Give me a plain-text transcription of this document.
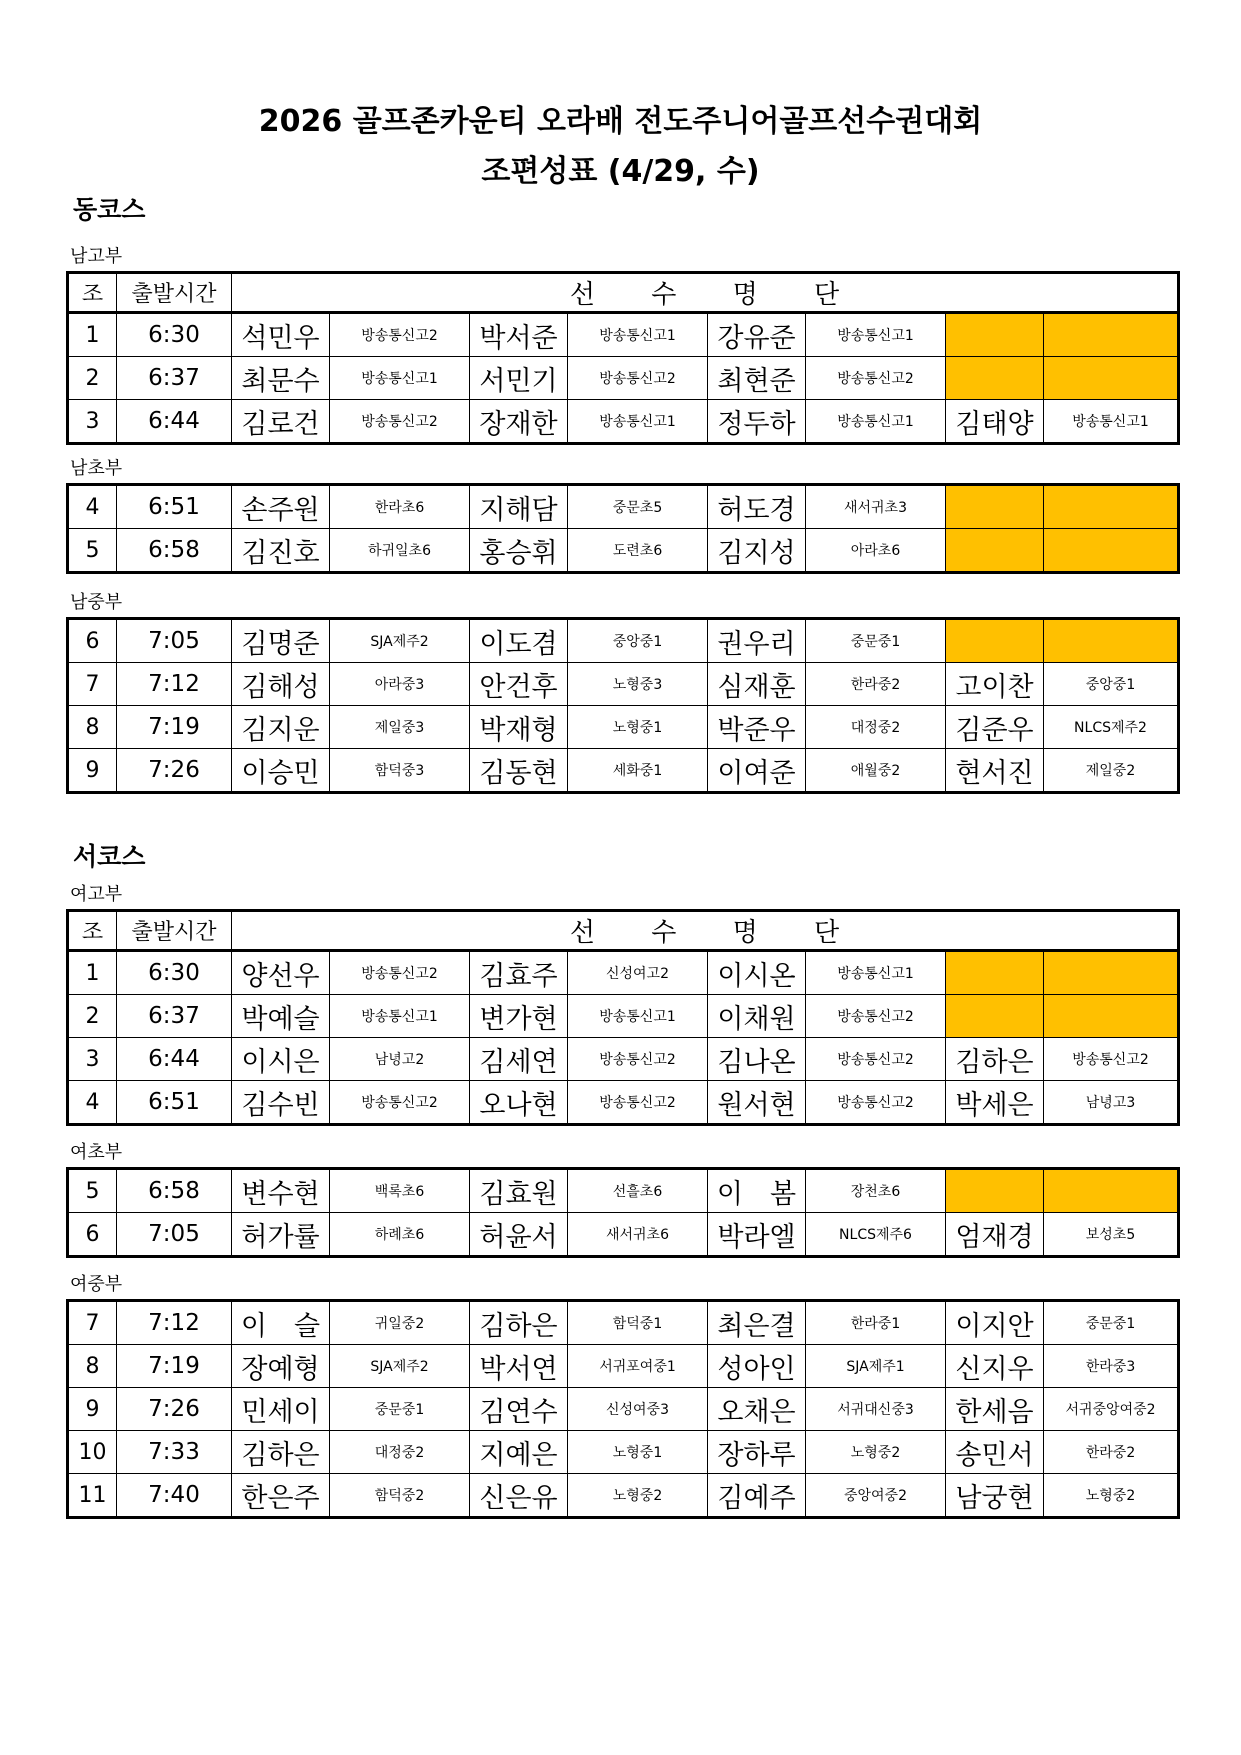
2026 골프존카운티 오라배 전도주니어골프선수권대회
조편성표 (4/29, 수)
동코스
남고부
조	출발시간	선 수 명 단							
1	6:30	석민우	방송통신고2	박서준	방송통신고1	강유준	방송통신고1		
2	6:37	최문수	방송통신고1	서민기	방송통신고2	최현준	방송통신고2		
3	6:44	김로건	방송통신고2	장재한	방송통신고1	정두하	방송통신고1	김태양	방송통신고1
남초부
4	6:51	손주원	한라초6	지해담	중문초5	허도경	새서귀초3		
5	6:58	김진호	하귀일초6	홍승휘	도련초6	김지성	아라초6		
남중부
6	7:05	김명준	SJA제주2	이도겸	중앙중1	권우리	중문중1		
7	7:12	김해성	아라중3	안건후	노형중3	심재훈	한라중2	고이찬	중앙중1
8	7:19	김지운	제일중3	박재형	노형중1	박준우	대정중2	김준우	NLCS제주2
9	7:26	이승민	함덕중3	김동현	세화중1	이여준	애월중2	현서진	제일중2
서코스
여고부
조	출발시간	선 수 명 단							
1	6:30	양선우	방송통신고2	김효주	신성여고2	이시온	방송통신고1		
2	6:37	박예슬	방송통신고1	변가현	방송통신고1	이채원	방송통신고2		
3	6:44	이시은	남녕고2	김세연	방송통신고2	김나온	방송통신고2	김하은	방송통신고2
4	6:51	김수빈	방송통신고2	오나현	방송통신고2	원서현	방송통신고2	박세은	남녕고3
여초부
5	6:58	변수현	백록초6	김효원	선흘초6	이　봄	장천초6		
6	7:05	허가률	하례초6	허윤서	새서귀초6	박라엘	NLCS제주6	엄재경	보성초5
여중부
7	7:12	이　슬	귀일중2	김하은	함덕중1	최은결	한라중1	이지안	중문중1
8	7:19	장예형	SJA제주2	박서연	서귀포여중1	성아인	SJA제주1	신지우	한라중3
9	7:26	민세이	중문중1	김연수	신성여중3	오채은	서귀대신중3	한세음	서귀중앙여중2
10	7:33	김하은	대정중2	지예은	노형중1	장하루	노형중2	송민서	한라중2
11	7:40	한은주	함덕중2	신은유	노형중2	김예주	중앙여중2	남궁현	노형중2
